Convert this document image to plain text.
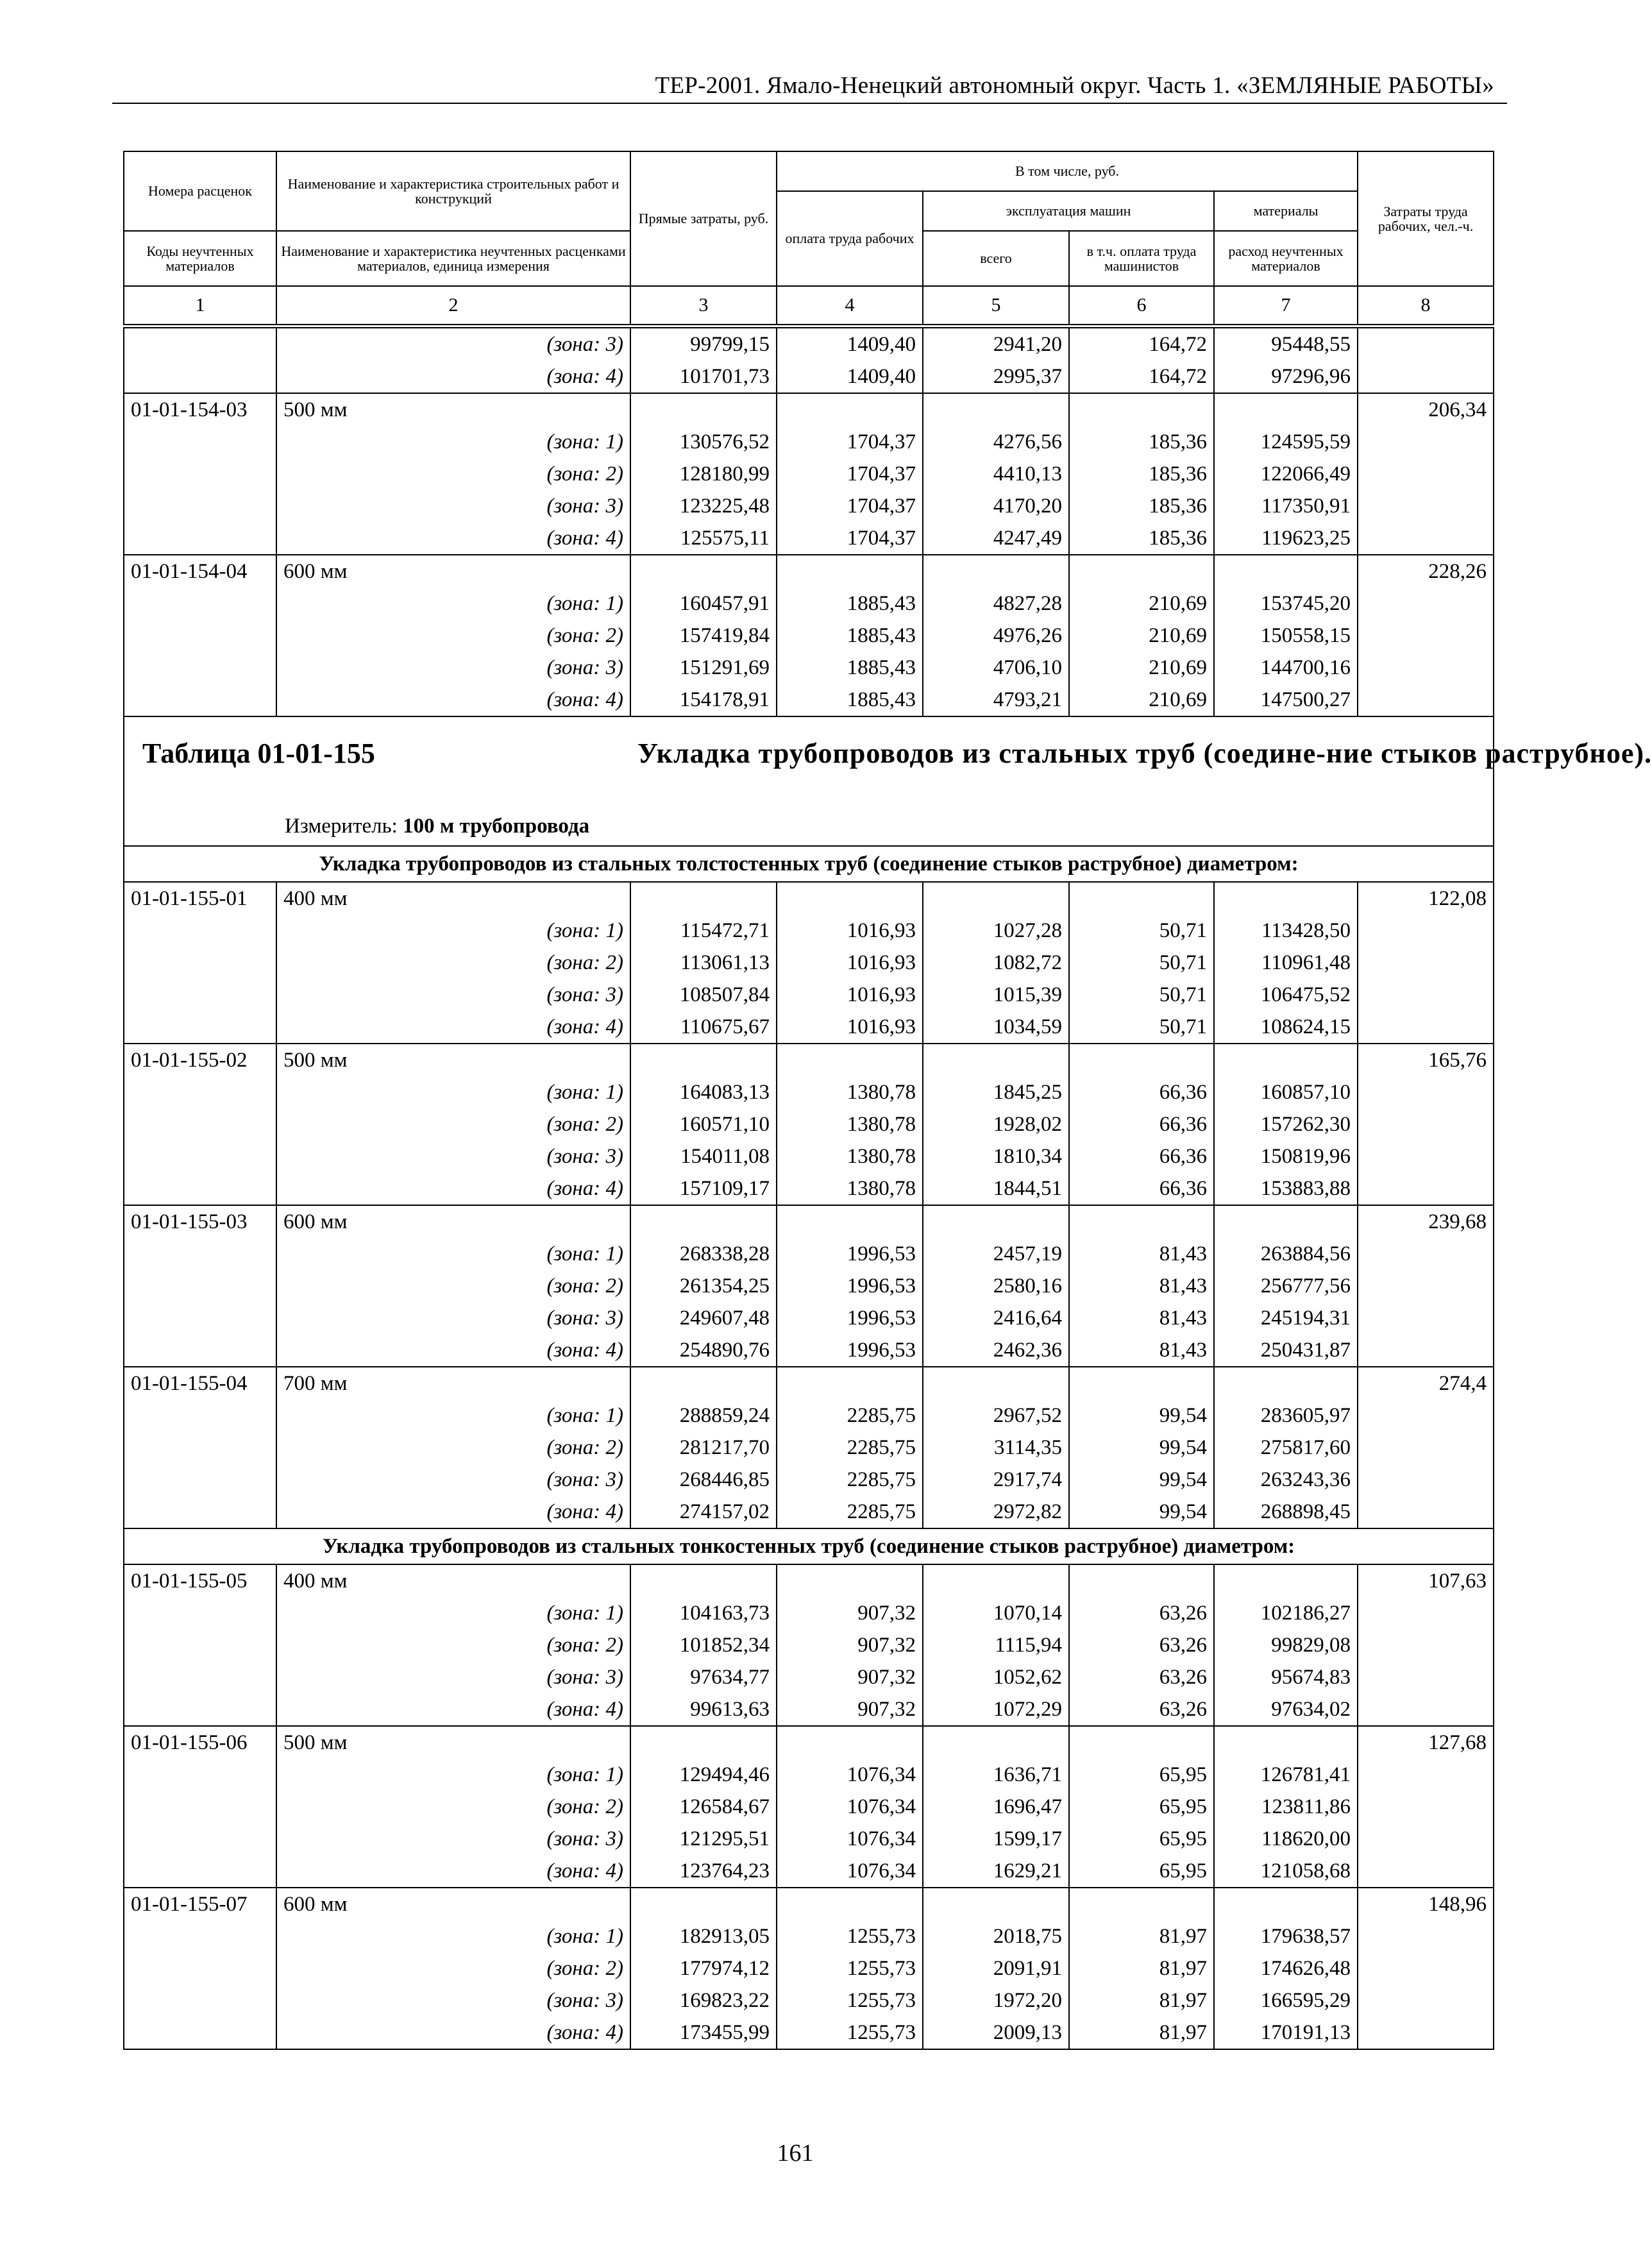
ТЕР-2001. Ямало-Ненецкий автономный округ. Часть 1. «ЗЕМЛЯНЫЕ РАБОТЫ»
Номера расценок	Наименование и характеристика строительных работ и конструкций	Прямые затраты, руб.	В том числе, руб.				Затраты труда рабочих, чел.-ч.
			оплата труда рабочих	эксплуатация машин		материалы	
Коды неучтенных материалов	Наименование и характеристика неучтенных расценками материалов, единица измерения			всего	в т.ч. оплата труда машинистов	расход неучтенных материалов	

1	2	3	4	5	6	7	8
	(зона: 3)	99799,15	1409,40	2941,20	164,72	95448,55	
	(зона: 4)	101701,73	1409,40	2995,37	164,72	97296,96	
01-01-154-03	500 мм						206,34
	(зона: 1)	130576,52	1704,37	4276,56	185,36	124595,59	
	(зона: 2)	128180,99	1704,37	4410,13	185,36	122066,49	
	(зона: 3)	123225,48	1704,37	4170,20	185,36	117350,91	
	(зона: 4)	125575,11	1704,37	4247,49	185,36	119623,25	
01-01-154-04	600 мм						228,26
	(зона: 1)	160457,91	1885,43	4827,28	210,69	153745,20	
	(зона: 2)	157419,84	1885,43	4976,26	210,69	150558,15	
	(зона: 3)	151291,69	1885,43	4706,10	210,69	144700,16	
	(зона: 4)	154178,91	1885,43	4793,21	210,69	147500,27	

Таблица 01-01-155 Укладка трубопроводов из стальных труб (соедине-ние стыков раструбное).
Измеритель: 100 м трубопровода							

Укладка трубопроводов из стальных толстостенных труб (соединение стыков раструбное) диаметром:							
01-01-155-01	400 мм						122,08
	(зона: 1)	115472,71	1016,93	1027,28	50,71	113428,50	
	(зона: 2)	113061,13	1016,93	1082,72	50,71	110961,48	
	(зона: 3)	108507,84	1016,93	1015,39	50,71	106475,52	
	(зона: 4)	110675,67	1016,93	1034,59	50,71	108624,15	
01-01-155-02	500 мм						165,76
	(зона: 1)	164083,13	1380,78	1845,25	66,36	160857,10	
	(зона: 2)	160571,10	1380,78	1928,02	66,36	157262,30	
	(зона: 3)	154011,08	1380,78	1810,34	66,36	150819,96	
	(зона: 4)	157109,17	1380,78	1844,51	66,36	153883,88	
01-01-155-03	600 мм						239,68
	(зона: 1)	268338,28	1996,53	2457,19	81,43	263884,56	
	(зона: 2)	261354,25	1996,53	2580,16	81,43	256777,56	
	(зона: 3)	249607,48	1996,53	2416,64	81,43	245194,31	
	(зона: 4)	254890,76	1996,53	2462,36	81,43	250431,87	
01-01-155-04	700 мм						274,4
	(зона: 1)	288859,24	2285,75	2967,52	99,54	283605,97	
	(зона: 2)	281217,70	2285,75	3114,35	99,54	275817,60	
	(зона: 3)	268446,85	2285,75	2917,74	99,54	263243,36	
	(зона: 4)	274157,02	2285,75	2972,82	99,54	268898,45	
Укладка трубопроводов из стальных тонкостенных труб (соединение стыков раструбное) диаметром:							
01-01-155-05	400 мм						107,63
	(зона: 1)	104163,73	907,32	1070,14	63,26	102186,27	
	(зона: 2)	101852,34	907,32	1115,94	63,26	99829,08	
	(зона: 3)	97634,77	907,32	1052,62	63,26	95674,83	
	(зона: 4)	99613,63	907,32	1072,29	63,26	97634,02	
01-01-155-06	500 мм						127,68
	(зона: 1)	129494,46	1076,34	1636,71	65,95	126781,41	
	(зона: 2)	126584,67	1076,34	1696,47	65,95	123811,86	
	(зона: 3)	121295,51	1076,34	1599,17	65,95	118620,00	
	(зона: 4)	123764,23	1076,34	1629,21	65,95	121058,68	
01-01-155-07	600 мм						148,96
	(зона: 1)	182913,05	1255,73	2018,75	81,97	179638,57	
	(зона: 2)	177974,12	1255,73	2091,91	81,97	174626,48	
	(зона: 3)	169823,22	1255,73	1972,20	81,97	166595,29	
	(зона: 4)	173455,99	1255,73	2009,13	81,97	170191,13	
161
